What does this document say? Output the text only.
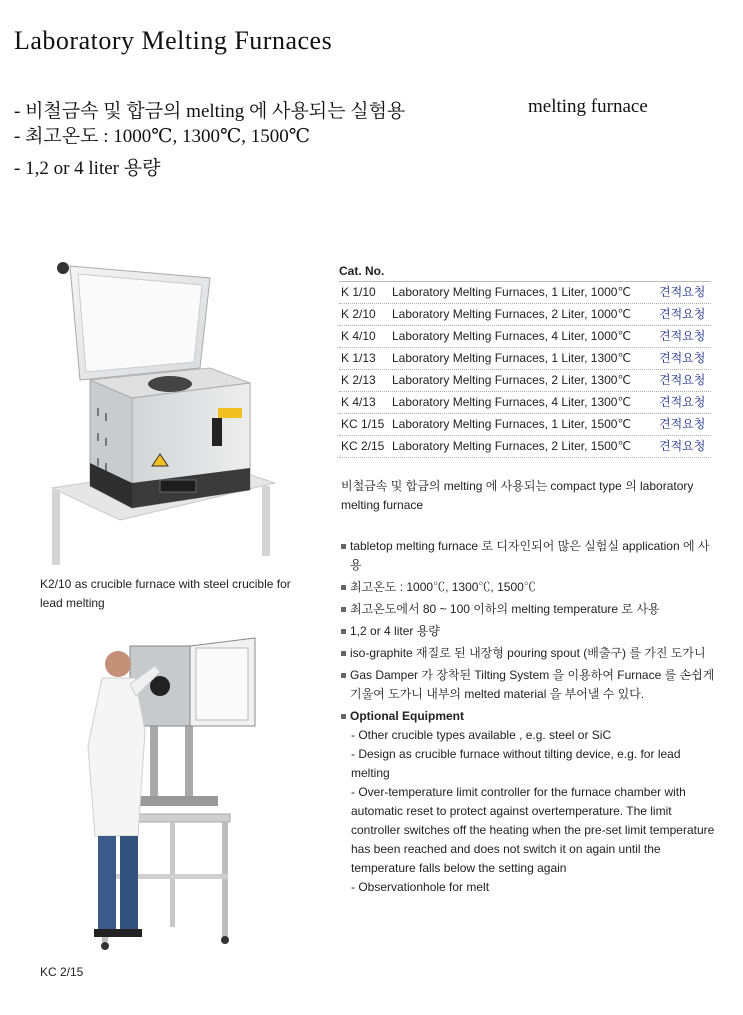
Laboratory Melting Furnaces
- 비철금속 및 합금의 melting 에 사용되는 실험용	melting furnace
- 최고온도 : 1000℃, 1300℃, 1500℃
- 1,2 or 4 liter 용량
K2/10 as crucible furnace with steel crucible for lead melting
KC 2/15
Cat. No.
K 1/10 Laboratory Melting Furnaces, 1 Liter, 1000℃ 견적요청
K 2/10 Laboratory Melting Furnaces, 2 Liter, 1000℃ 견적요청
K 4/10 Laboratory Melting Furnaces, 4 Liter, 1000℃ 견적요청
K 1/13 Laboratory Melting Furnaces, 1 Liter, 1300℃ 견적요청
K 2/13 Laboratory Melting Furnaces, 2 Liter, 1300℃ 견적요청
K 4/13 Laboratory Melting Furnaces, 4 Liter, 1300℃ 견적요청
KC 1/15 Laboratory Melting Furnaces, 1 Liter, 1500℃ 견적요청
KC 2/15 Laboratory Melting Furnaces, 2 Liter, 1500℃ 견적요청
비철금속 및 합금의 melting 에 사용되는 compact type 의 laboratory melting furnace
tabletop melting furnace 로 디자인되어 많은 실험실 application 에 사용
최고온도 : 1000℃, 1300℃, 1500℃
최고온도에서 80 ~ 100 이하의 melting temperature 로 사용
1,2 or 4 liter 용량
iso-graphite 재질로 된 내장형 pouring spout (배출구) 를 가진 도가니
Gas Damper 가 장착된 Tilting System 을 이용하여 Furnace 를 손쉽게 기울여 도가니 내부의 melted material 을 부어낼 수 있다.
Optional Equipment
- Other crucible types available , e.g. steel or SiC
- Design as crucible furnace without tilting device, e.g. for lead melting
- Over-temperature limit controller for the furnace chamber with automatic reset to protect against overtemperature. The limit controller switches off the heating when the pre-set limit temperature has been reached and does not switch it on again until the temperature falls below the setting again
- Observationhole for melt
